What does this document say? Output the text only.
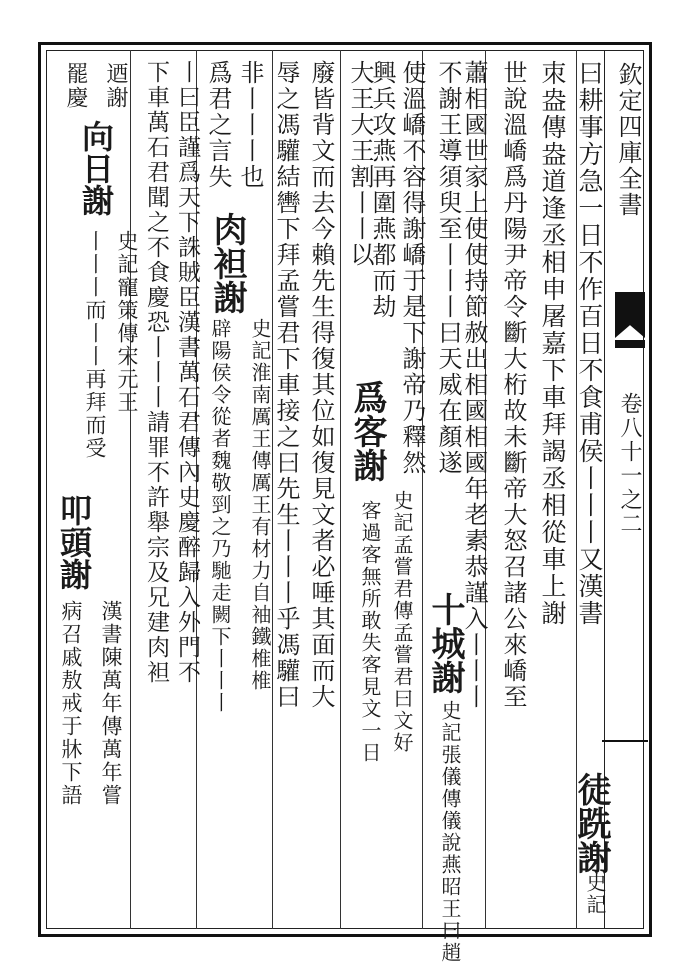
欽定四庫全書
卷八十一之二
曰耕事方急一日不作百日不食甫侯丨丨丨又漢書
徒跣謝
史記
朿盎傳盎道逢丞相申屠嘉下車拜謁丞相從車上謝
世說溫嶠爲丹陽尹帝令斷大桁故未斷帝大怒召諸公來嶠至
蕭相國世家上使使持節赦出相國相國年老素恭謹入丨丨丨
不謝王導須臾至丨丨丨曰天威在顏遂
十城謝
史記張儀傳儀說燕昭王曰趙
使溫嶠不容得謝嶠于是下謝帝乃釋然
興兵攻燕再圍燕都而劫
爲客謝
史記孟嘗君傳孟嘗君曰文好
客過客無所敢失客見文一日
大王大王割丨丨以
廢皆背文而去今賴先生得復其位如復見文者必唾其面而大
辱之馮驩結轡下拜孟嘗君下車接之曰先生丨丨丨乎馮驩曰
非丨丨丨也
肉袒謝
史記淮南厲王傳厲王有材力自袖鐵椎椎
辟陽侯令從者魏敬剄之乃馳走闕下丨丨丨
爲君之言失
丨曰臣謹爲天下誅賊臣漢書萬石君傳內史慶醉歸入外門不
下車萬石君聞之不食慶恐丨丨丨請罪不許舉宗及兄建肉袒
向日謝
史記寵策傳宋元王
丨丨丨而丨丨再拜而受
迺謝
罷慶
叩頭謝
漢書陳萬年傳萬年嘗
病召戚敖戒于牀下語
